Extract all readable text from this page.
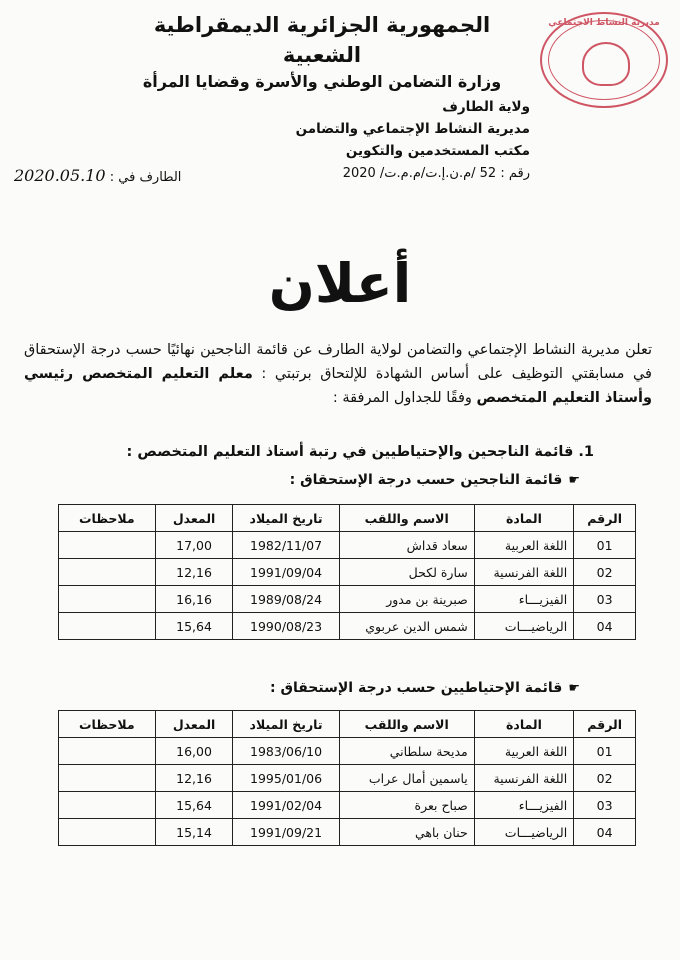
الجمهورية الجزائرية الديمقراطية الشعبية
وزارة التضامن الوطني والأسرة وقضايا المرأة
مديرية النشاط الاجتماعي
ولاية الطارف
مديرية النشاط الإجتماعي والتضامن
مكتب المستخدمين والتكوين
رقم : 52 /م.ن.إ.ت/م.م.ت/ 2020
الطارف في : 2020.05.10
أعلان
تعلن مديرية النشاط الإجتماعي والتضامن لولاية الطارف عن قائمة الناجحين نهائيًا حسب درجة الإستحقاق في مسابقتي التوظيف على أساس الشهادة للإلتحاق برتبتي : معلم التعليم المتخصص رئيسي وأستاذ التعليم المتخصص وفقًا للجداول المرفقة :
1. قائمة الناجحين والإحتياطيين في رتبة أستاذ التعليم المتخصص :
☛قائمة الناجحين حسب درجة الإستحقاق :
الرقم	المادة	الاسم واللقب	تاريخ الميلاد	المعدل	ملاحظات
01	اللغة العربية	سعاد قداش	1982/11/07	17,00	
02	اللغة الفرنسية	سارة لكحل	1991/09/04	12,16	
03	الفيزيـــاء	صبرينة بن مدور	1989/08/24	16,16	
04	الرياضيـــات	شمس الدين عربوي	1990/08/23	15,64	
☛قائمة الإحتياطيين حسب درجة الإستحقاق :
الرقم	المادة	الاسم واللقب	تاريخ الميلاد	المعدل	ملاحظات
01	اللغة العربية	مديحة سلطاني	1983/06/10	16,00	
02	اللغة الفرنسية	ياسمين أمال عراب	1995/01/06	12,16	
03	الفيزيـــاء	صباح بعرة	1991/02/04	15,64	
04	الرياضيـــات	حنان باهي	1991/09/21	15,14	
